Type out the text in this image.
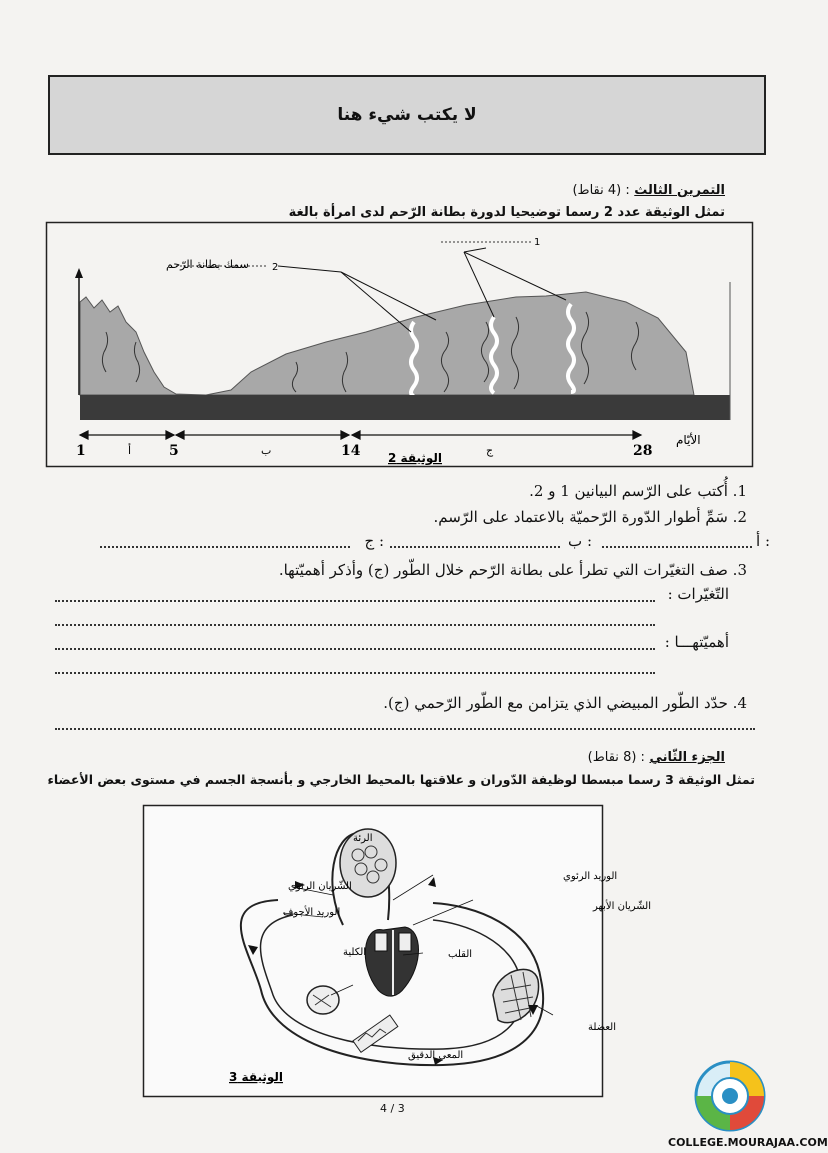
لا يكتب شيء هنا
التمرين الثالث : (4 نقاط)
تمثل الوثيقة عدد 2 رسما توضيحيا لدورة بطانة الرّحم لدى امرأة بالغة
سمك بطانة الرّحم 2
1
الأيّام
1	5	14	28
أ	ب	ج
الوثيقة 2
1. أُكتب على الرّسم البيانين 1 و 2.
2. سَمِّ أطوار الدّورة الرّحميّة بالاعتماد على الرّسم.
أ :
ب :
ج :
3. صف التغيّرات التي تطرأ على بطانة الرّحم خلال الطّور (ج) وأذكر أهميّتها.
التّغيّرات :
أهميّتهـــا :
4. حدّد الطّور المبيضي الذي يتزامن مع الطّور الرّحمي (ج).
الجزء الثّاني : (8 نقاط)
تمثل الوثيقة 3 رسما مبسطا لوظيفة الدّوران و علاقتها بالمحيط الخارجي و بأنسجة الجسم في مستوى بعض الأعضاء
الرئة
الوريد الرئوي
الشّريان الرئوي
الشّريان الأبهر
الوريد الأجوف
القلب
الكلية
العضلة
المعي الدقيق
الوثيقة 3
4 / 3
COLLEGE.MOURAJAA.COM
